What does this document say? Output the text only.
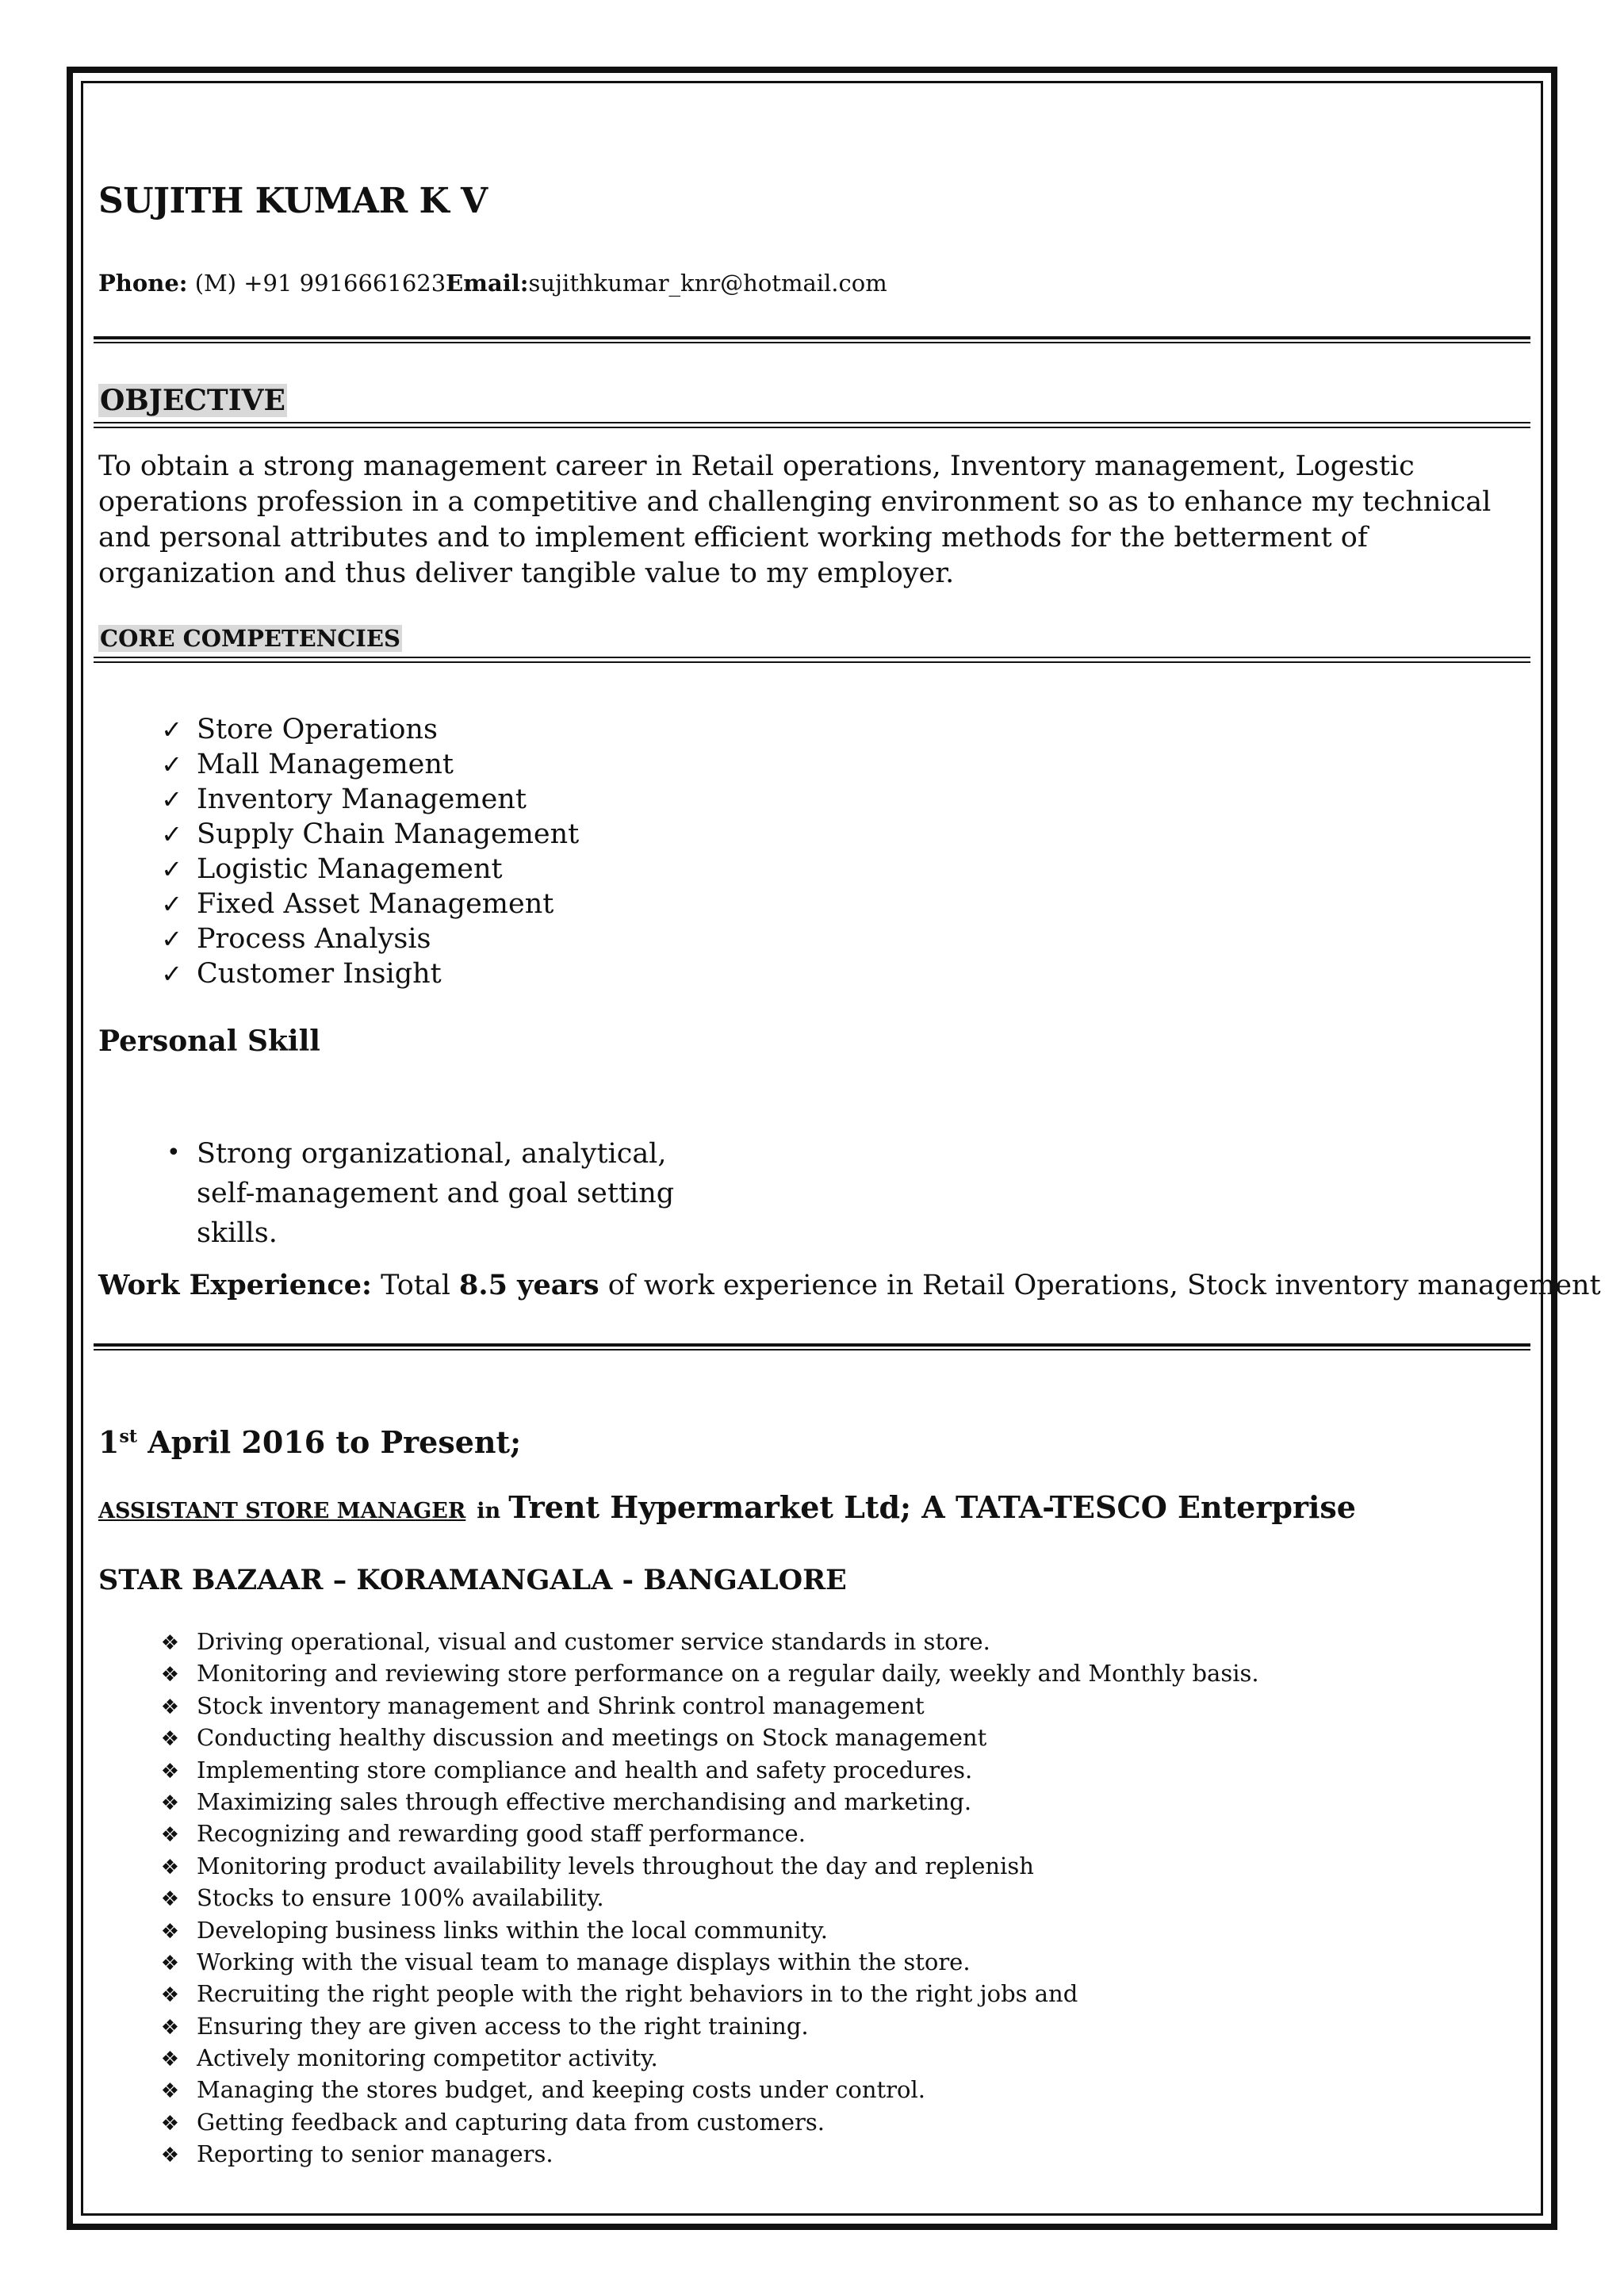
SUJITH KUMAR K V
Phone: (M) +91 9916661623Email:sujithkumar_knr@hotmail.com
OBJECTIVE
To obtain a strong management career in Retail operations, Inventory management, Logestic operations profession in a competitive and challenging environment so as to enhance my technical and personal attributes and to implement efficient working methods for the betterment of organization and thus deliver tangible value to my employer.
CORE COMPETENCIES
✓ Store Operations
✓ Mall Management
✓ Inventory Management
✓ Supply Chain Management
✓ Logistic Management
✓ Fixed Asset Management
✓ Process Analysis
✓ Customer Insight
Personal Skill
• Strong organizational, analytical, self-management and goal setting skills.
Work Experience: Total 8.5 years of work experience in Retail Operations, Stock inventory management
1st April 2016 to Present;
ASSISTANT STORE MANAGER in Trent Hypermarket Ltd; A TATA-TESCO Enterprise
STAR BAZAAR – KORAMANGALA - BANGALORE
❖ Driving operational, visual and customer service standards in store.
❖ Monitoring and reviewing store performance on a regular daily, weekly and Monthly basis.
❖ Stock inventory management and Shrink control management
❖ Conducting healthy discussion and meetings on Stock management
❖ Implementing store compliance and health and safety procedures.
❖ Maximizing sales through effective merchandising and marketing.
❖ Recognizing and rewarding good staff performance.
❖ Monitoring product availability levels throughout the day and replenish
❖ Stocks to ensure 100% availability.
❖ Developing business links within the local community.
❖ Working with the visual team to manage displays within the store.
❖ Recruiting the right people with the right behaviors in to the right jobs and
❖ Ensuring they are given access to the right training.
❖ Actively monitoring competitor activity.
❖ Managing the stores budget, and keeping costs under control.
❖ Getting feedback and capturing data from customers.
❖ Reporting to senior managers.
